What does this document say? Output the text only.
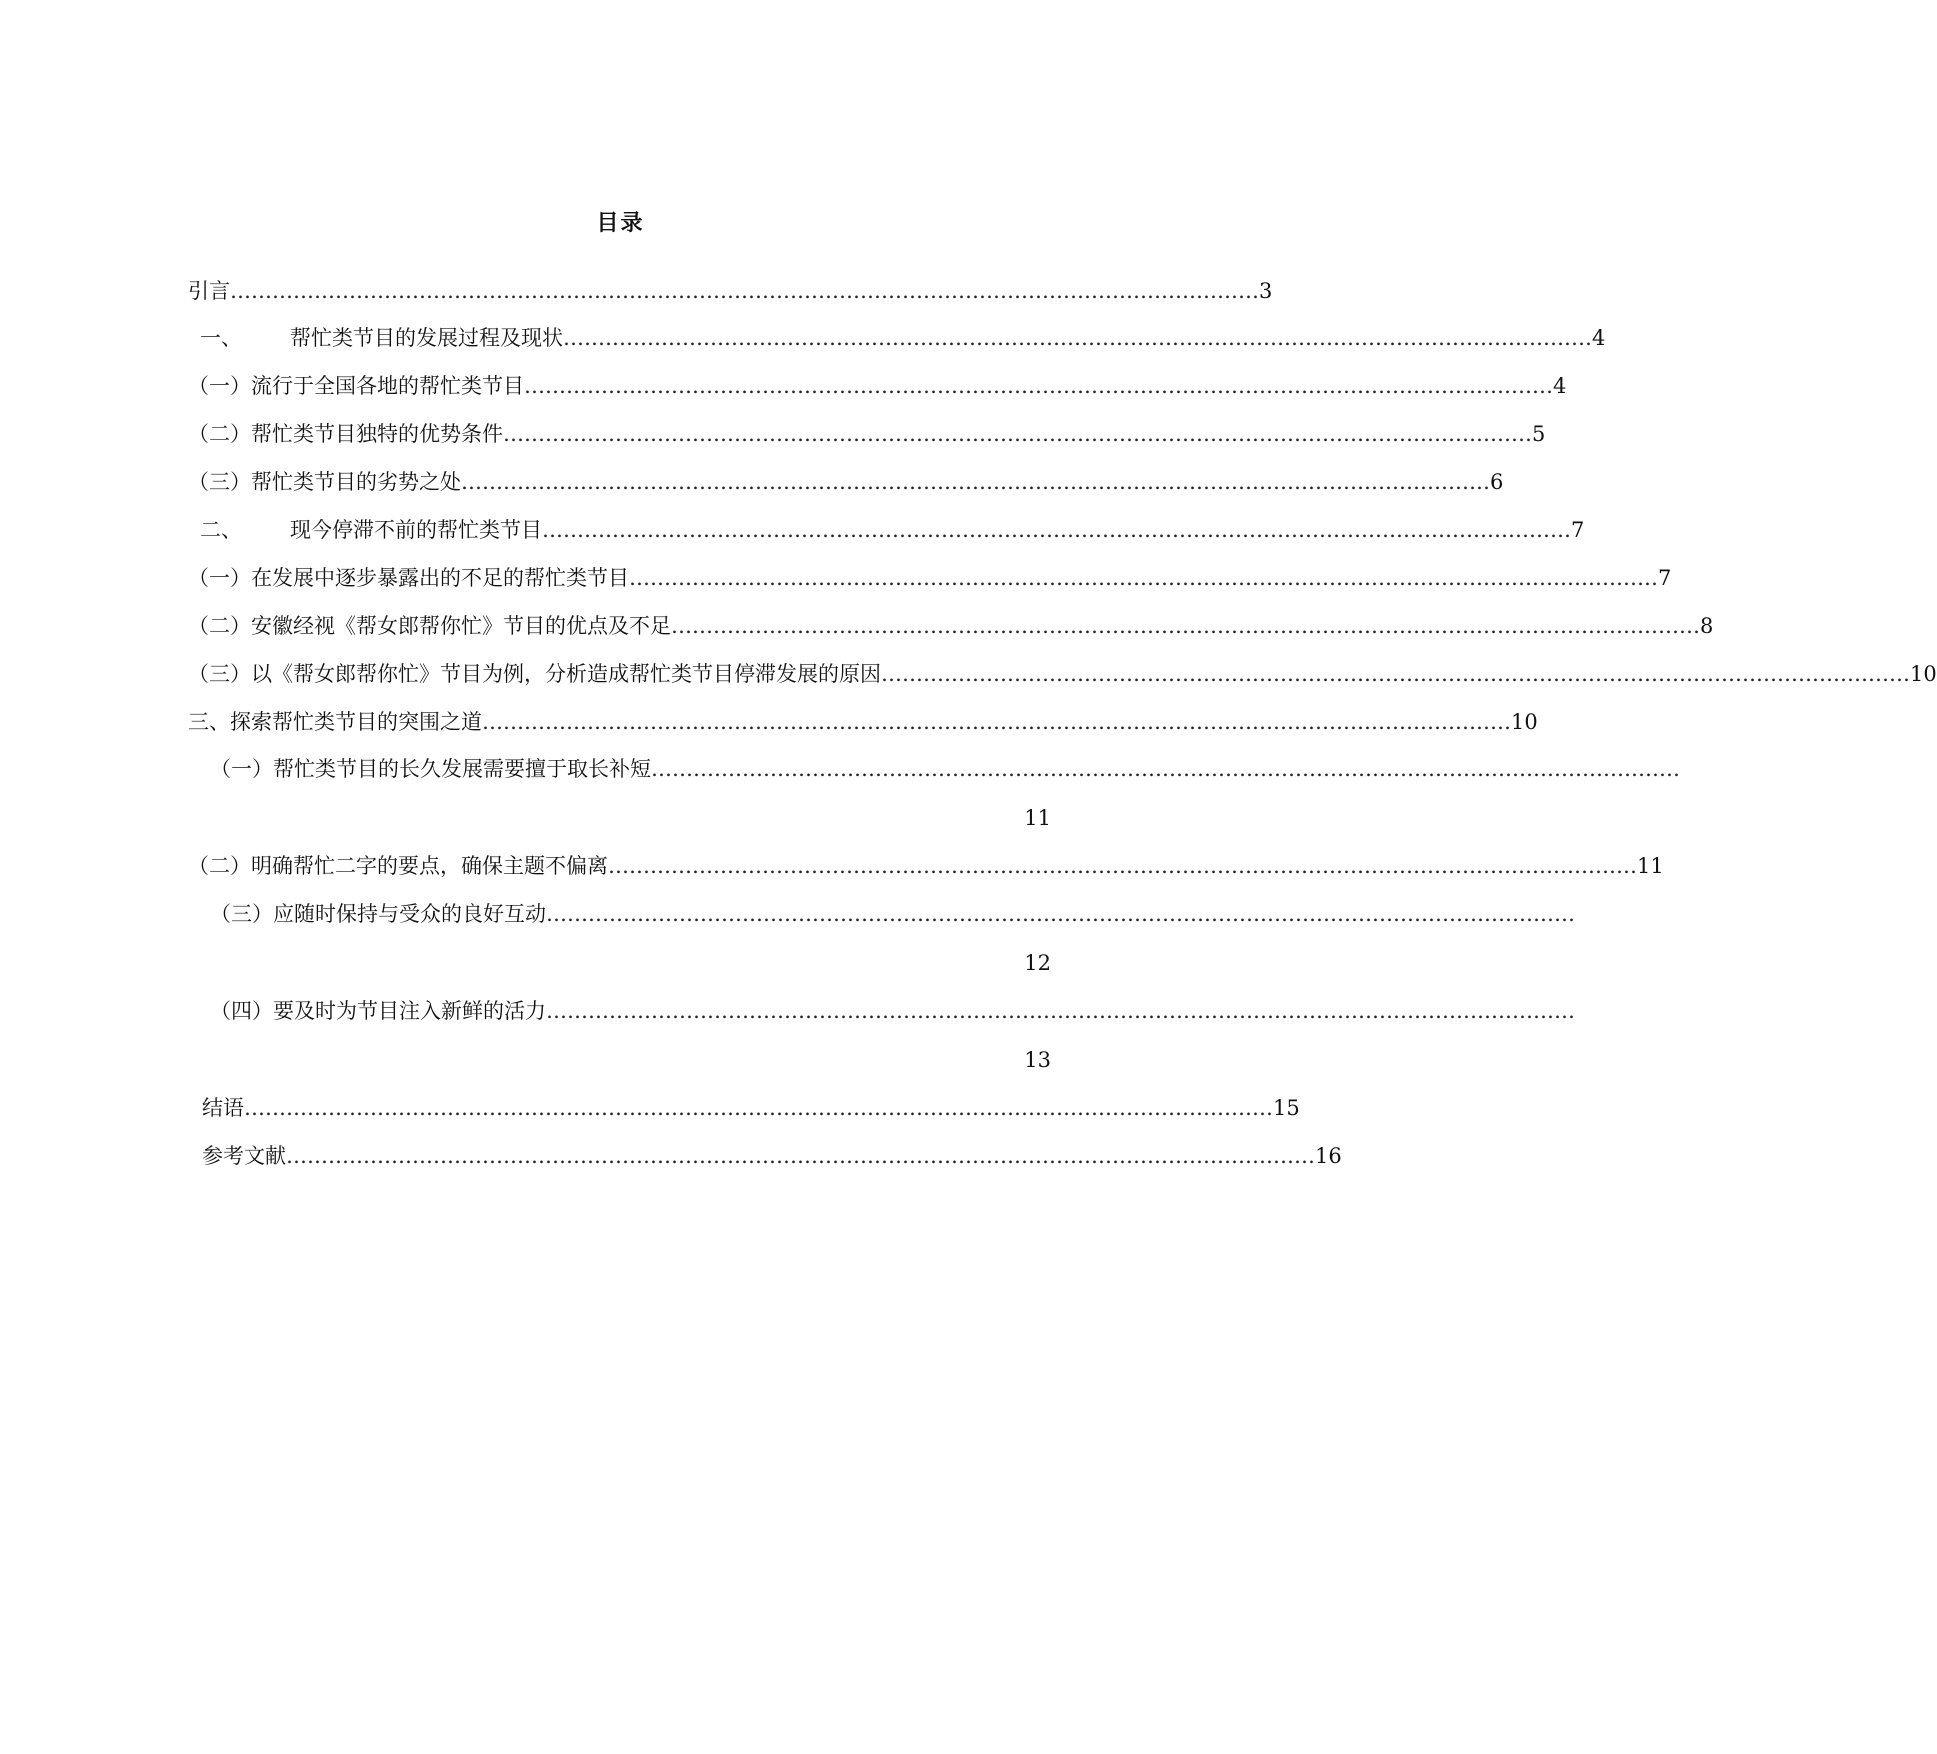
目录
引言 ………………………………………………………………………………………………………………………………… 3
一、 帮忙类节目的发展过程及现状 ………………………………………………………………………………………………………………………………… 4
（一）流行于全国各地的帮忙类节目 ………………………………………………………………………………………………………………………………… 4
（二）帮忙类节目独特的优势条件 ………………………………………………………………………………………………………………………………… 5
（三）帮忙类节目的劣势之处 ………………………………………………………………………………………………………………………………… 6
二、 现今停滞不前的帮忙类节目 ………………………………………………………………………………………………………………………………… 7
（一）在发展中逐步暴露出的不足的帮忙类节目 ………………………………………………………………………………………………………………………………… 7
（二）安徽经视《帮女郎帮你忙》节目的优点及不足 ………………………………………………………………………………………………………………………………… 8
（三）以《帮女郎帮你忙》节目为例，分析造成帮忙类节目停滞发展的原因 ………………………………………………………………………………………………………………………………… 10
三、探索帮忙类节目的突围之道 ………………………………………………………………………………………………………………………………… 10
（一）帮忙类节目的长久发展需要擅于取长补短 …………………………………………………………………………………………………………………………………
11
（二）明确帮忙二字的要点，确保主题不偏离 ………………………………………………………………………………………………………………………………… 11
（三）应随时保持与受众的良好互动 …………………………………………………………………………………………………………………………………
12
（四）要及时为节目注入新鲜的活力 …………………………………………………………………………………………………………………………………
13
结语 ………………………………………………………………………………………………………………………………… 15
参考文献 ………………………………………………………………………………………………………………………………… 16
